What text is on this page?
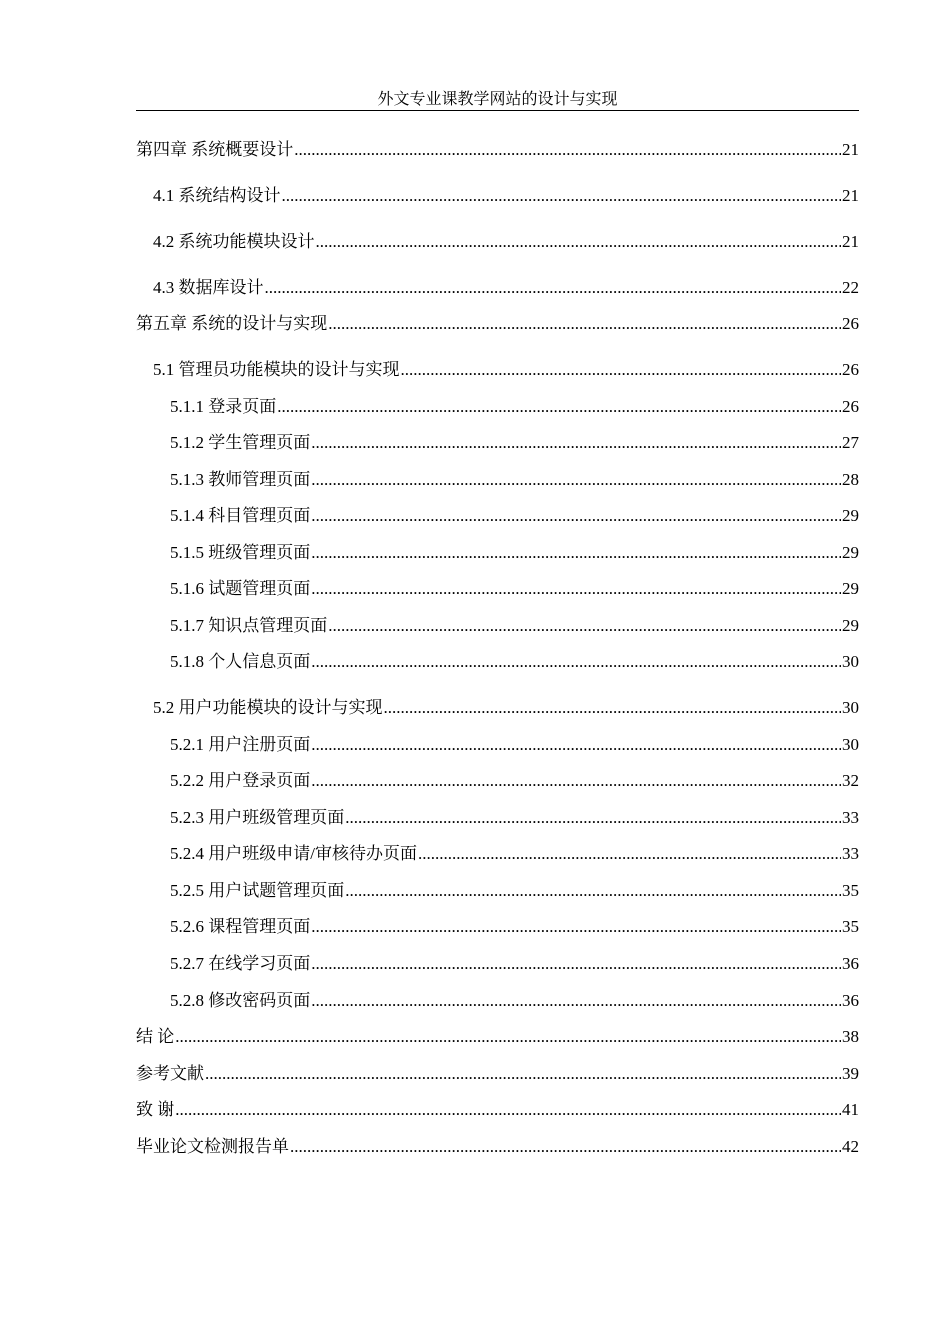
外文专业课教学网站的设计与实现
第四章 系统概要设计 .....	21
4.1 系统结构设计 .....	21
4.2 系统功能模块设计 .....	21
4.3 数据库设计 .....	22
第五章 系统的设计与实现 .....	26
5.1 管理员功能模块的设计与实现 .....	26
5.1.1 登录页面 .....	26
5.1.2 学生管理页面 .....	27
5.1.3 教师管理页面 .....	28
5.1.4 科目管理页面 .....	29
5.1.5 班级管理页面 .....	29
5.1.6 试题管理页面 .....	29
5.1.7 知识点管理页面 .....	29
5.1.8 个人信息页面 .....	30
5.2 用户功能模块的设计与实现 .....	30
5.2.1 用户注册页面 .....	30
5.2.2 用户登录页面 .....	32
5.2.3 用户班级管理页面 .....	33
5.2.4 用户班级申请/审核待办页面 .....	33
5.2.5 用户试题管理页面 .....	35
5.2.6 课程管理页面 .....	35
5.2.7 在线学习页面 .....	36
5.2.8 修改密码页面 .....	36
结 论 .....	38
参考文献 .....	39
致 谢 .....	41
毕业论文检测报告单 .....	42
